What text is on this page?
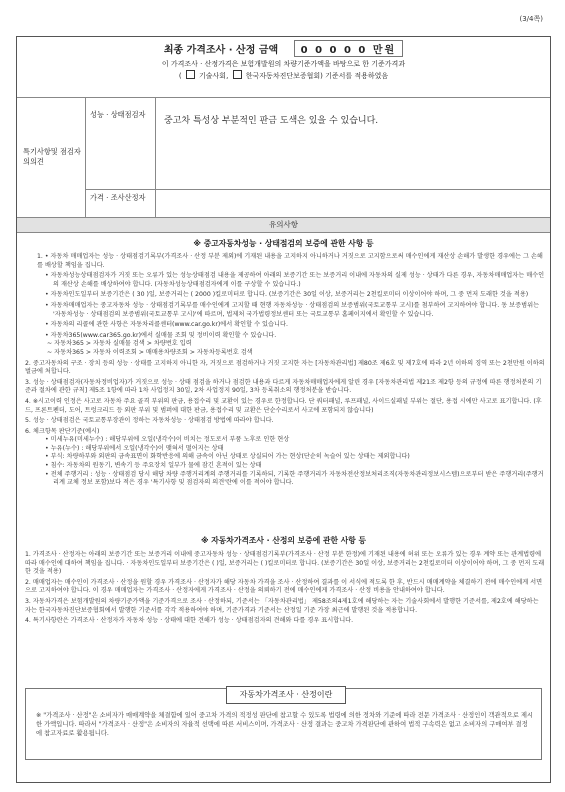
(3/4쪽)
최종 가격조사 · 산정 금액 0 0 0 0 0 만원
이 가격조사 · 산정가격은 보험개발원의 차량기준가액을 바탕으로 한 기준가격과
( 기술사회, 한국자동차진단보증협회) 기준서를 적용하였음
특기사항및 점검자의의견
성능 · 상태점검자
중고차 특성상 부분적인 판금 도색은 있을 수 있습니다.
가격 · 조사산정자
유의사항
※ 중고자동차성능 · 상태점검의 보증에 관한 사항 등

1. • 자동차 매매업자는 성능 · 상태점검기록부(가격조사 · 산정 부분 제외)에 기재된 내용을 고지하지 아니하거나 거짓으로 고지함으로써 매수인에게 재산상 손해가 발생한 경우에는 그 손해를 배상할 책임을 집니다.

• 자동차성능상태점검자가 거짓 또는 오류가 있는 성능상태점검 내용을 제공하여 아래의 보증기간 또는 보증거리 이내에 자동차의 실제 성능 · 상태가 다른 경우, 자동차매매업자는 매수인의 재산상 손해를 배상하여야 합니다. (자동차성능상태점검자에게 이를 구상할 수 있습니다.)

• 자동차인도일부터 보증기간은 ( 30 )일, 보증거리는 ( 2000 )킬로미터로 합니다. (보증기간은 30일 이상, 보증거리는 2천킬로미터 이상이어야 하며, 그 중 먼저 도래한 것을 적용)

• 자동차매매업자는 중고자동차 성능 · 상태점검기록부를 매수인에게 고지할 때 현행 자동차성능 · 상태점검의 보증범위(국토교통부 고시)를 첨부하여 고지하여야 합니다. 동 보증범위는 '자동차성능 · 상태점검의 보증범위(국토교통부 고시)'에 따르며, 법제처 국가법령정보센터 또는 국토교통부 홈페이지에서 확인할 수 있습니다.

• 자동차의 리콜에 관한 사항은 자동차리콜센터(www.car.go.kr)에서 확인할 수 있습니다.

• 자동차365(www.car365.go.kr)에서 실매물 조회 및 정비이력 확인할 수 있습니다.

~ 자동차365 > 자동차 실매물 검색 > 차량번호 입력

~ 자동차365 > 자동차 이력조회 > 매매용차량조회 > 자동차등록번호 검색

2. 중고자동차의 구조 · 장치 등의 성능 · 상태를 고지하지 아니한 자, 거짓으로 점검하거나 거짓 고지한 자는 [자동차관리법] 제80조 제6호 및 제7호에 따라 2년 이하의 징역 또는 2천만원 이하의 벌금에 처합니다.

3. 성능 · 상태점검자(자동차정비업자)가 거짓으로 성능 · 상태 점검을 하거나 점검한 내용과 다르게 자동차매매업자에게 알린 경우 [자동차관리법 제21조 제2항 등의 규정에 따른 행정처분의 기준과 절차에 관한 규칙] 제5조 1항에 따라 1차 사업정지 30일, 2차 사업정지 90일, 3차 등록취소의 행정처분을 받습니다.

4. ※시고이력 인정은 사고로 자동차 주요 골격 부위의 판금, 용접수리 및 교환이 있는 경우로 한정합니다. 단 쿼터패널, 루프패널, 사이드실패널 부위는 절단, 용접 시에만 사고로 표기합니다. (후드, 프론트펜더, 도어, 트렁크리드 등 외판 부위 및 범퍼에 대한 판금, 용접수리 및 교환은 단순수리로서 사고에 포함되지 않습니다)

5. 성능 · 상태점검은 국토교통부장관이 정하는 자동차성능 · 상태점검 방법에 따라야 합니다.

6. 체크항목 판단기준(예시)

• 미세누유(미세누수) : 해당부위에 오일(냉각수)이 비치는 정도로서 부품 노후로 인한 현상

• 누유(누수) : 해당부위에서 오일(냉각수)이 맺혀서 떨어지는 상태

• 부식: 차량하부와 외판의 금속표면이 화학반응에 의해 금속이 아닌 상태로 상실되어 가는 현상(단순히 녹슬어 있는 상태는 제외합니다)

• 침수: 자동차의 원동기, 변속기 등 주요장치 일부가 물에 잠긴 흔적이 있는 상태

• 전체 주행거리 : 성능 · 상태점검 당시 해당 차량 주행거리계의 주행거리를 기록하되, 기록한 주행거리가 자동차전산정보처리조직(자동차관리정보시스템)으로부터 받은 주행거리(주행거리계 교체 정보 포함)보다 적은 경우 '특기사항 및 점검자의 의견'란에 이를 적어야 합니다.

※ 자동차가격조사 · 산정의 보증에 관한 사항 등

1. 가격조사 · 산정자는 아래의 보증기간 또는 보증거리 이내에 중고자동차 성능 · 상태점검기록부(가격조사 · 산정 부분 한정)에 기재된 내용에 허위 또는 오류가 있는 경우 계약 또는 관계법령에 따라 매수인에 대하여 책임을 집니다. · 자동차인도일부터 보증기간은 ( )일, 보증거리는 ( )킬로미터로 합니다. (보증기간은 30일 이상, 보증거리는 2천킬로미터 이상이어야 하며, 그 중 먼저 도래한 것을 적용)

2. 매매업자는 매수인이 가격조사 · 산정을 원할 경우 가격조사 · 산정자가 해당 자동차 가격을 조사 · 산정하여 결과를 이 서식에 적도록 한 후, 반드시 매매계약을 체결하기 전에 매수인에게 서면으로 고지하여야 합니다. 이 경우 매매업자는 가격조사 · 산정자에게 가격조사 · 산정을 의뢰하기 전에 매수인에게 가격조사 · 산정 비용을 안내하여야 합니다.

3. 자동차가격은 보험개발원의 차량기준가액을 기준가격으로 조사 · 산정하되, 기준서는 「자동차관리법」 제58조의4제1호에 해당하는 자는 기술사회에서 발행한 기준서를, 제2호에 해당하는 자는 한국자동차진단보증협회에서 발행한 기준서를 각각 적용하여야 하며, 기준가격과 기준서는 산정일 기준 가장 최근에 발행된 것을 적용합니다.

4. 특기사항란은 가격조사 · 산정자가 자동차 성능 · 상태에 대한 견해가 성능 · 상태점검자의 견해와 다를 경우 표시합니다.

자동차가격조사 · 산정이란
※ "가격조사 · 산정"은 소비자가 매매계약을 체결함에 있어 중고차 가격의 적정성 판단에 참고할 수 있도록 법령에 의한 정차와 기준에 따라 전문 가격조사 · 산정인이 객관적으로 제시한 가액입니다. 따라서 "가격조사 · 산정"은 소비자의 자율적 선택에 따른 서비스이며, 가격조사 · 산정 결과는 중고차 가격판단에 관하여 법적 구속력은 없고 소비자의 구매여부 결정에 참고자료로 활용됩니다.
